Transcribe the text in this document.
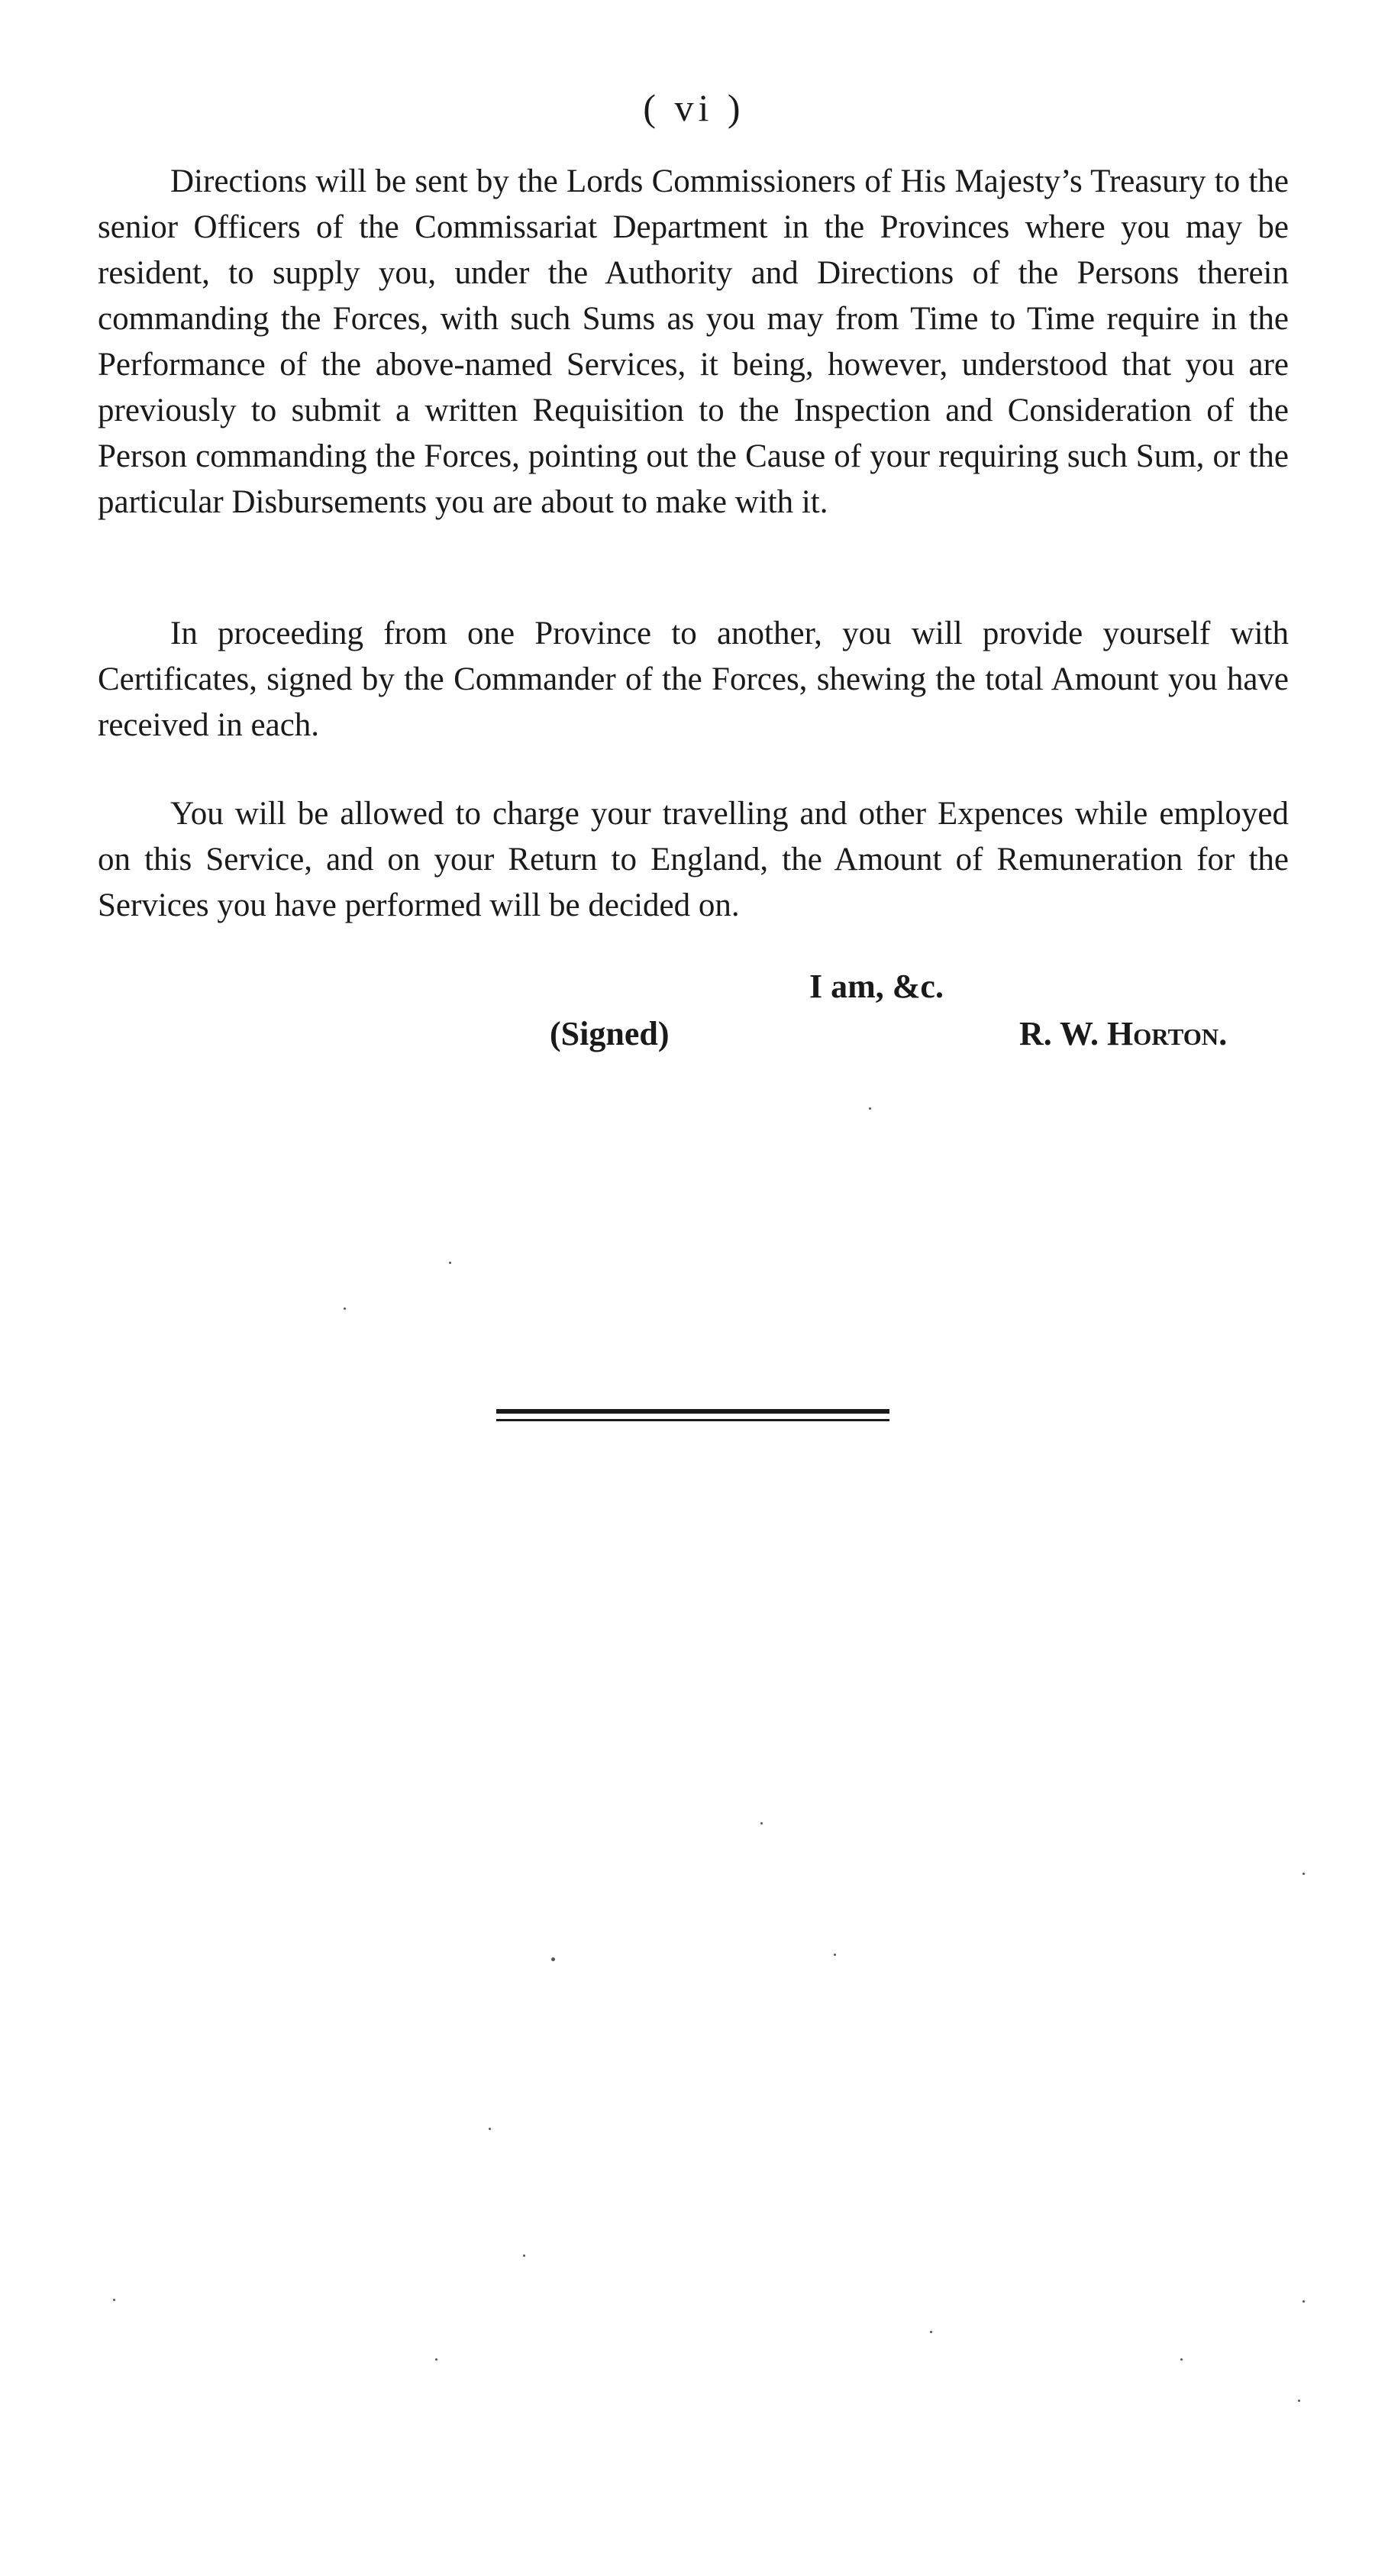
( vi )

Directions will be sent by the Lords Commissioners of His Majesty’s Treasury to the senior Officers of the Commissariat Department in the Provinces where you may be resident, to supply you, under the Authority and Directions of the Persons therein commanding the Forces, with such Sums as you may from Time to Time require in the Performance of the above-named Services, it being, however, understood that you are previously to submit a written Requisition to the Inspection and Consideration of the Person commanding the Forces, pointing out the Cause of your requiring such Sum, or the particular Disbursements you are about to make with it.

In proceeding from one Province to another, you will provide yourself with Certificates, signed by the Commander of the Forces, shewing the total Amount you have received in each.

You will be allowed to charge your travelling and other Expences while employed on this Service, and on your Return to England, the Amount of Remuneration for the Services you have performed will be decided on.

I am, &c.
(Signed)	R. W. Horton.
